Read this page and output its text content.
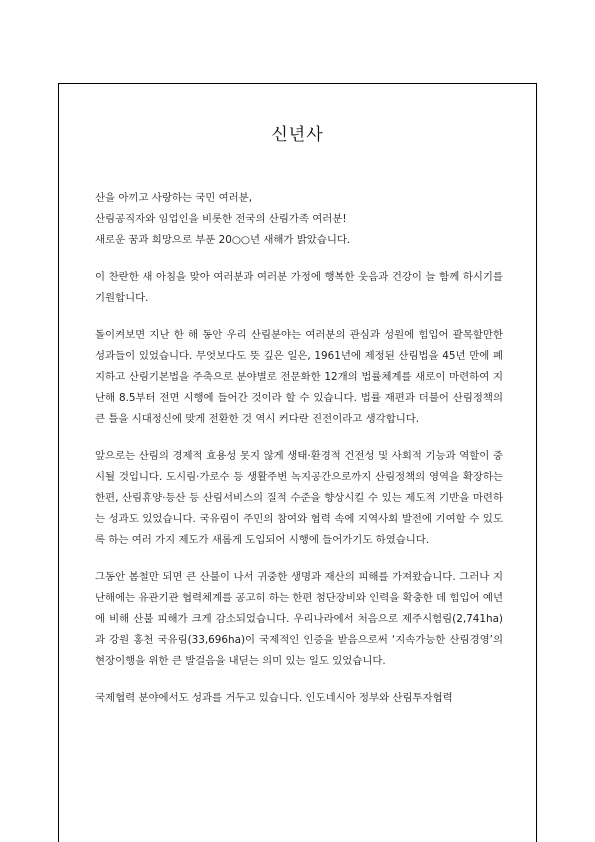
신년사
산을 아끼고 사랑하는 국민 여러분,
산림공직자와 임업인을 비롯한 전국의 산림가족 여러분!
새로운 꿈과 희망으로 부푼 20○○년 새해가 밝았습니다.

이 찬란한 새 아침을 맞아 여러분과 여러분 가정에 행복한 웃음과 건강이 늘 함께 하시기를 기원합니다.

돌이켜보면 지난 한 해 동안 우리 산림분야는 여러분의 관심과 성원에 힘입어 괄목할만한 성과들이 있었습니다. 무엇보다도 뜻 깊은 일은, 1961년에 제정된 산림법을 45년 만에 폐지하고 산림기본법을 주축으로 분야별로 전문화한 12개의 법률체계를 새로이 마련하여 지난해 8.5부터 전면 시행에 들어간 것이라 할 수 있습니다. 법률 재편과 더불어 산림정책의 큰 틀을 시대정신에 맞게 전환한 것 역시 커다란 진전이라고 생각합니다.

앞으로는 산림의 경제적 효용성 못지 않게 생태·환경적 건전성 및 사회적 기능과 역할이 중시될 것입니다. 도시림·가로수 등 생활주변 녹지공간으로까지 산림정책의 영역을 확장하는 한편, 산림휴양·등산 등 산림서비스의 질적 수준을 향상시킬 수 있는 제도적 기반을 마련하는 성과도 있었습니다. 국유림이 주민의 참여와 협력 속에 지역사회 발전에 기여할 수 있도록 하는 여러 가지 제도가 새롭게 도입되어 시행에 들어가기도 하였습니다.

그동안 봄철만 되면 큰 산불이 나서 귀중한 생명과 재산의 피해를 가져왔습니다. 그러나 지난해에는 유관기관 협력체계를 공고히 하는 한편 첨단장비와 인력을 확충한 데 힘입어 예년에 비해 산불 피해가 크게 감소되었습니다. 우리나라에서 처음으로 제주시험림(2,741ha)과 강원 홍천 국유림(33,696ha)이 국제적인 인증을 받음으로써 ‘지속가능한 산림경영’의 현장이행을 위한 큰 발걸음을 내딛는 의미 있는 일도 있었습니다.

국제협력 분야에서도 성과를 거두고 있습니다. 인도네시아 정부와 산림투자협력
